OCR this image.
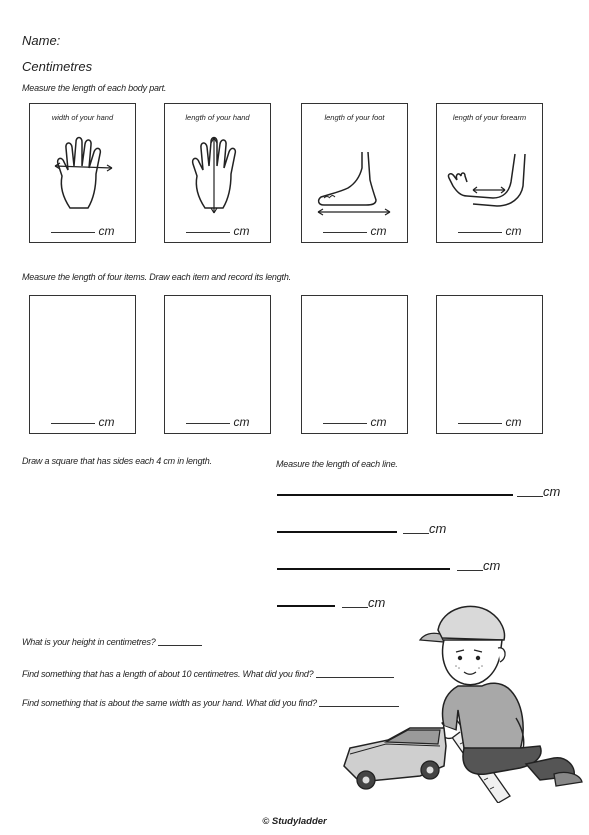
Name:
Centimetres
Measure the length of each body part.
width of your hand
cm
length of your hand
cm
length of your foot
cm
length of your forearm
cm
Measure the length of four items. Draw each item and record its length.
cm	cm	cm	cm
Draw a square that has sides each 4 cm in length.	Measure the length of each line.
cm
cm
cm
cm
What is your height in centimetres?
Find something that has a length of about 10 centimetres. What did you find?
Find something that is about the same width as your hand. What did you find?
© Studyladder
